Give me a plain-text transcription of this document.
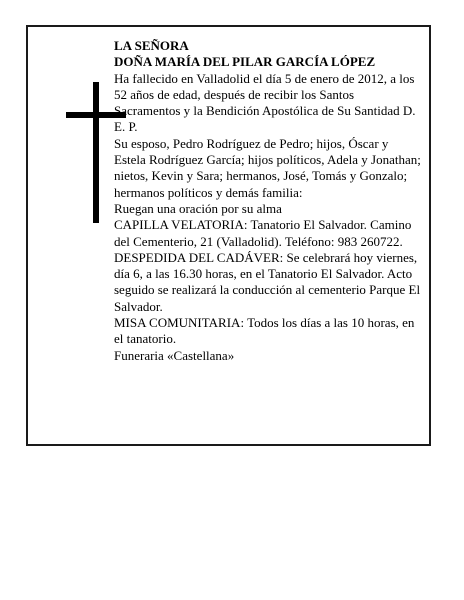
LA SEÑORA

DOÑA MARÍA DEL PILAR GARCÍA LÓPEZ

Ha fallecido en Valladolid el día 5 de enero de 2012, a los 52 años de edad, después de recibir los Santos Sacramentos y la Bendición Apostólica de Su Santidad D. E. P.

Su esposo, Pedro Rodríguez de Pedro; hijos, Óscar y Estela Rodríguez García; hijos políticos, Adela y Jonathan; nietos, Kevin y Sara; hermanos, José, Tomás y Gonzalo; hermanos políticos y demás familia:

Ruegan una oración por su alma

CAPILLA VELATORIA: Tanatorio El Salvador. Camino del Cementerio, 21 (Valladolid). Teléfono: 983 260722.

DESPEDIDA DEL CADÁVER: Se celebrará hoy viernes, día 6, a las 16.30 horas, en el Tanatorio El Salvador. Acto seguido se realizará la conducción al cementerio Parque El Salvador.

MISA COMUNITARIA: Todos los días a las 10 horas, en el tanatorio.

Funeraria «Castellana»
